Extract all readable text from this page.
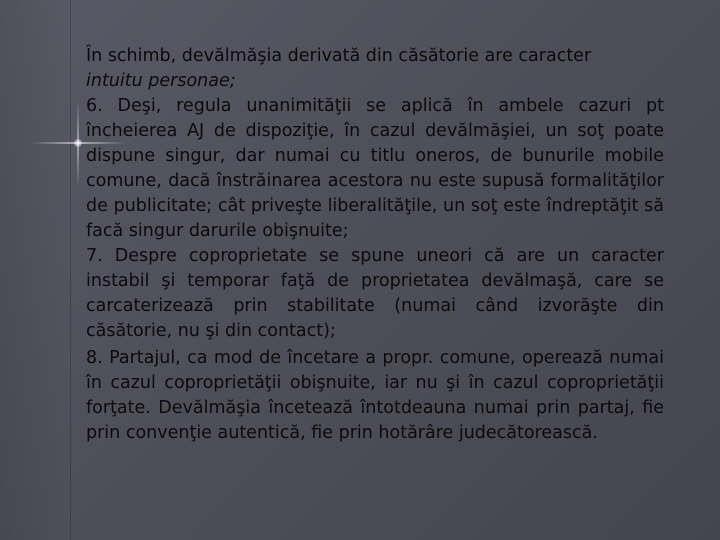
În schimb, devălmăşia derivată din căsătorie are caracter
intuitu personae;

6. Deşi, regula unanimităţii se aplică în ambele cazuri pt încheierea AJ de dispoziţie, în cazul devălmăşiei, un soţ poate dispune singur, dar numai cu titlu oneros, de bunurile mobile comune, dacă înstrăinarea acestora nu este supusă formalităţilor de publicitate; cât priveşte liberalităţile, un soţ este îndreptăţit să facă singur darurile obişnuite;

7. Despre coproprietate se spune uneori că are un caracter instabil şi temporar faţă de proprietatea devălmaşă, care se carcaterizează prin stabilitate (numai când izvorăşte din căsătorie, nu şi din contact);

8. Partajul, ca mod de încetare a propr. comune, operează numai în cazul coproprietăţii obişnuite, iar nu şi în cazul coproprietăţii forţate. Devălmăşia încetează întotdeauna numai prin partaj, fie prin convenţie autentică, fie prin hotărâre judecătorească.
